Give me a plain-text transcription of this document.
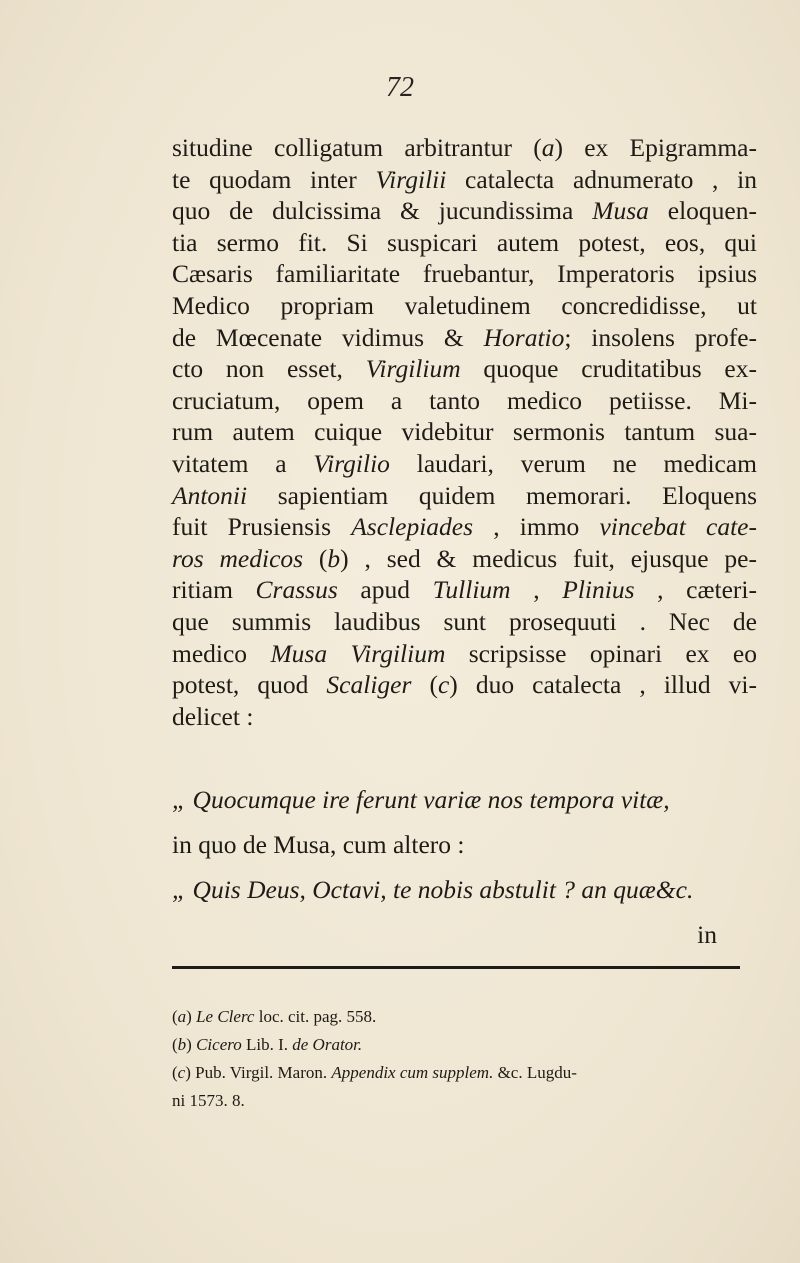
72
situdine colligatum arbitrantur (a) ex Epigramma-
te quodam inter Virgilii catalecta adnumerato , in
quo de dulcissima & jucundissima Musa eloquen-
tia sermo fit. Si suspicari autem potest, eos, qui
Cæsaris familiaritate fruebantur, Imperatoris ipsius
Medico propriam valetudinem concredidisse, ut
de Mœcenate vidimus & Horatio; insolens profe-
cto non esset, Virgilium quoque cruditatibus ex-
cruciatum, opem a tanto medico petiisse. Mi-
rum autem cuique videbitur sermonis tantum sua-
vitatem a Virgilio laudari, verum ne medicam
Antonii sapientiam quidem memorari. Eloquens
fuit Prusiensis Asclepiades , immo vincebat cate-
ros medicos (b) , sed & medicus fuit, ejusque pe-
ritiam Crassus apud Tullium , Plinius , cæteri-
que summis laudibus sunt prosequuti . Nec de
medico Musa Virgilium scripsisse opinari ex eo
potest, quod Scaliger (c) duo catalecta , illud vi-
delicet :
„ Quocumque ire ferunt variæ nos tempora vitæ,
in quo de Musa, cum altero :
„ Quis Deus, Octavi, te nobis abstulit ? an quæ&c.
in
(a) Le Clerc loc. cit. pag. 558.
(b) Cicero Lib. I. de Orator.
(c) Pub. Virgil. Maron. Appendix cum supplem. &c. Lugdu-
ni 1573. 8.
